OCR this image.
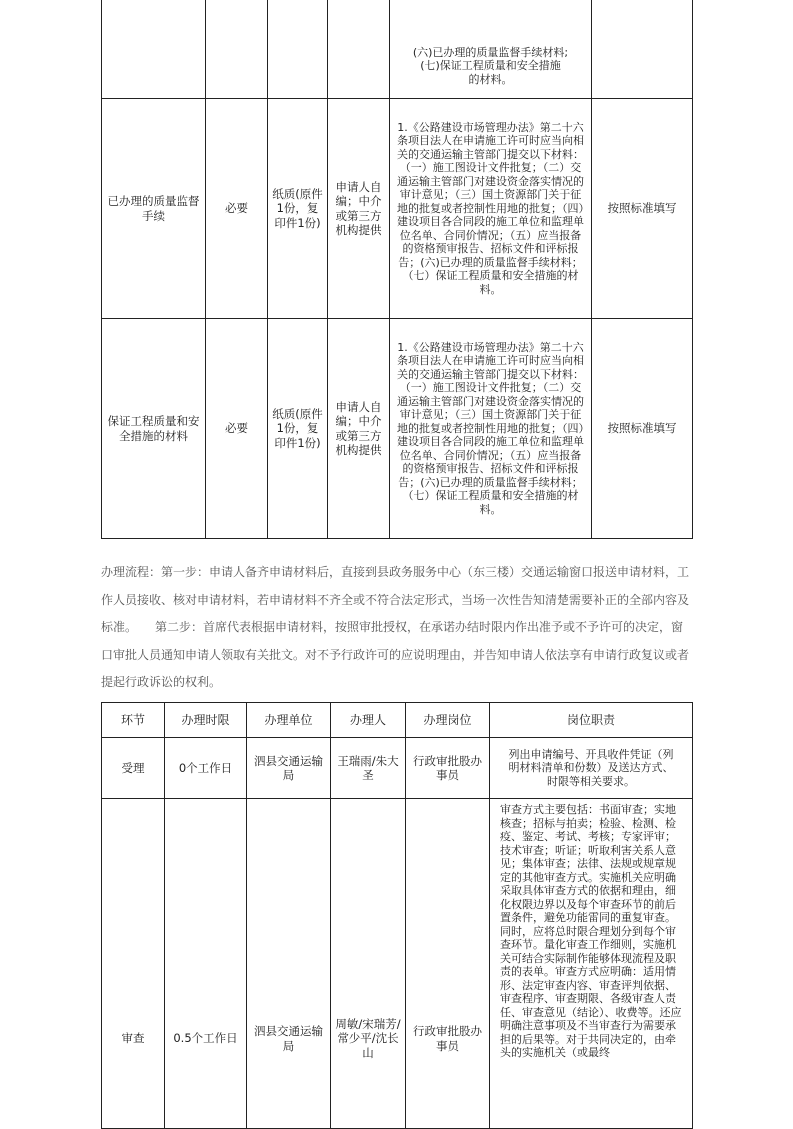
				(六)已办理的质量监督手续材料;
(七)保证工程质量和安全措施
的材料。	

已办理的质量监督手续	必要	纸质(原件1份，复印件1份)	申请人自编；中介或第三方机构提供	1.《公路建设市场管理办法》第二十六条项目法人在申请施工许可时应当向相关的交通运输主管部门提交以下材料：（一）施工图设计文件批复；（二）交通运输主管部门对建设资金落实情况的审计意见；（三）国土资源部门关于征地的批复或者控制性用地的批复；（四）建设项目各合同段的施工单位和监理单位名单、合同价情况；（五）应当报备的资格预审报告、招标文件和评标报告；(六)已办理的质量监督手续材料；（七）保证工程质量和安全措施的材料。	按照标准填写
保证工程质量和安全措施的材料	必要	纸质(原件1份，复印件1份)	申请人自编；中介或第三方机构提供	1.《公路建设市场管理办法》第二十六条项目法人在申请施工许可时应当向相关的交通运输主管部门提交以下材料：（一）施工图设计文件批复；（二）交通运输主管部门对建设资金落实情况的审计意见；（三）国土资源部门关于征地的批复或者控制性用地的批复；（四）建设项目各合同段的施工单位和监理单位名单、合同价情况；（五）应当报备的资格预审报告、招标文件和评标报告；(六)已办理的质量监督手续材料；（七）保证工程质量和安全措施的材料。	按照标准填写

办理流程：第一步：申请人备齐申请材料后，直接到县政务服务中心（东三楼）交通运输窗口报送申请材料，工作人员接收、核对申请材料，若申请材料不齐全或不符合法定形式，当场一次性告知清楚需要补正的全部内容及标准。　　第二步：首席代表根据申请材料，按照审批授权，在承诺办结时限内作出准予或不予许可的决定，窗口审批人员通知申请人领取有关批文。对不予行政许可的应说明理由，并告知申请人依法享有申请行政复议或者提起行政诉讼的权利。

环节	办理时限	办理单位	办理人	办理岗位	岗位职责
受理	0个工作日	泗县交通运输局	王瑞雨/朱大圣	行政审批股办事员	列出申请编号、开具收件凭证（列明材料清单和份数）及送达方式、时限等相关要求。
审查	0.5个工作日	泗县交通运输局	周敏/宋瑞芳/常少平/沈长山	行政审批股办事员	审查方式主要包括：书面审查；实地核查；招标与拍卖；检验、检测、检疫、鉴定、考试、考核；专家评审；技术审查；听证；听取利害关系人意见；集体审查；法律、法规或规章规定的其他审查方式。实施机关应明确采取具体审查方式的依据和理由，细化权限边界以及每个审查环节的前后置条件，避免功能雷同的重复审查。同时，应将总时限合理划分到每个审查环节。量化审查工作细则，实施机关可结合实际制作能够体现流程及职责的表单。审查方式应明确：适用情形、法定审查内容、审查评判依据、审查程序、审查期限、各级审查人责任、审查意见（结论）、收费等。还应明确注意事项及不当审查行为需要承担的后果等。对于共同决定的，由牵头的实施机关（或最终
